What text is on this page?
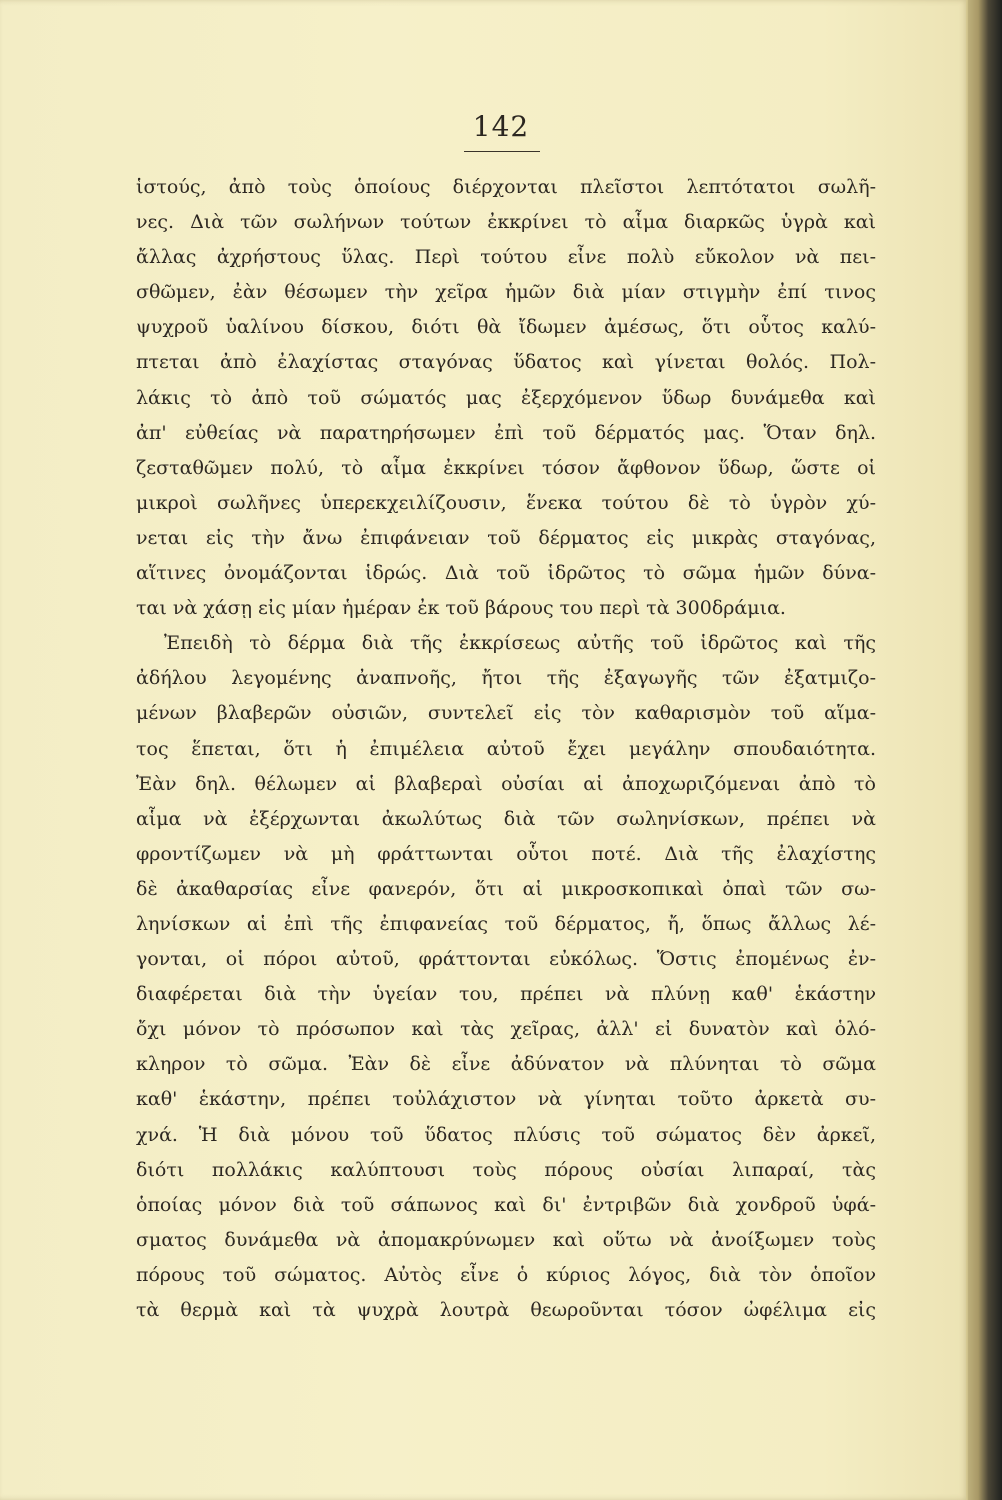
142
ἱστούς, ἀπὸ τοὺς ὁποίους διέρχονται πλεῖστοι λεπτότατοι σωλῆ-
νες. Διὰ τῶν σωλήνων τούτων ἐκκρίνει τὸ αἷμα διαρκῶς ὑγρὰ καὶ
ἄλλας ἀχρήστους ὕλας. Περὶ τούτου εἶνε πολὺ εὔκολον νὰ πει-
σθῶμεν, ἐὰν θέσωμεν τὴν χεῖρα ἡμῶν διὰ μίαν στιγμὴν ἐπί τινος
ψυχροῦ ὑαλίνου δίσκου, διότι θὰ ἴδωμεν ἀμέσως, ὅτι οὗτος καλύ-
πτεται ἀπὸ ἐλαχίστας σταγόνας ὕδατος καὶ γίνεται θολός. Πολ-
λάκις τὸ ἀπὸ τοῦ σώματός μας ἐξερχόμενον ὕδωρ δυνάμεθα καὶ
ἀπ' εὐθείας νὰ παρατηρήσωμεν ἐπὶ τοῦ δέρματός μας. Ὅταν δηλ.
ζεσταθῶμεν πολύ, τὸ αἷμα ἐκκρίνει τόσον ἄφθονον ὕδωρ, ὥστε οἱ
μικροὶ σωλῆνες ὑπερεκχειλίζουσιν, ἕνεκα τούτου δὲ τὸ ὑγρὸν χύ-
νεται εἰς τὴν ἄνω ἐπιφάνειαν τοῦ δέρματος εἰς μικρὰς σταγόνας,
αἵτινες ὀνομάζονται ἱδρώς. Διὰ τοῦ ἱδρῶτος τὸ σῶμα ἡμῶν δύνα-
ται νὰ χάσῃ εἰς μίαν ἡμέραν ἐκ τοῦ βάρους του περὶ τὰ 300δράμια.
Ἐπειδὴ τὸ δέρμα διὰ τῆς ἐκκρίσεως αὐτῆς τοῦ ἱδρῶτος καὶ τῆς
ἀδήλου λεγομένης ἀναπνοῆς, ἤτοι τῆς ἐξαγωγῆς τῶν ἐξατμιζο-
μένων βλαβερῶν οὐσιῶν, συντελεῖ εἰς τὸν καθαρισμὸν τοῦ αἵμα-
τος ἕπεται, ὅτι ἡ ἐπιμέλεια αὐτοῦ ἔχει μεγάλην σπουδαιότητα.
Ἐὰν δηλ. θέλωμεν αἱ βλαβεραὶ οὐσίαι αἱ ἀποχωριζόμεναι ἀπὸ τὸ
αἷμα νὰ ἐξέρχωνται ἀκωλύτως διὰ τῶν σωληνίσκων, πρέπει νὰ
φροντίζωμεν νὰ μὴ φράττωνται οὗτοι ποτέ. Διὰ τῆς ἐλαχίστης
δὲ ἀκαθαρσίας εἶνε φανερόν, ὅτι αἱ μικροσκοπικαὶ ὀπαὶ τῶν σω-
ληνίσκων αἱ ἐπὶ τῆς ἐπιφανείας τοῦ δέρματος, ἤ, ὅπως ἄλλως λέ-
γονται, οἱ πόροι αὐτοῦ, φράττονται εὐκόλως. Ὅστις ἐπομένως ἐν-
διαφέρεται διὰ τὴν ὑγείαν του, πρέπει νὰ πλύνῃ καθ' ἑκάστην
ὄχι μόνον τὸ πρόσωπον καὶ τὰς χεῖρας, ἀλλ' εἰ δυνατὸν καὶ ὁλό-
κληρον τὸ σῶμα. Ἐὰν δὲ εἶνε ἀδύνατον νὰ πλύνηται τὸ σῶμα
καθ' ἑκάστην, πρέπει τοὐλάχιστον νὰ γίνηται τοῦτο ἀρκετὰ συ-
χνά. Ἡ διὰ μόνου τοῦ ὕδατος πλύσις τοῦ σώματος δὲν ἀρκεῖ,
διότι πολλάκις καλύπτουσι τοὺς πόρους οὐσίαι λιπαραί, τὰς
ὁποίας μόνον διὰ τοῦ σάπωνος καὶ δι' ἐντριβῶν διὰ χονδροῦ ὑφά-
σματος δυνάμεθα νὰ ἀπομακρύνωμεν καὶ οὕτω νὰ ἀνοίξωμεν τοὺς
πόρους τοῦ σώματος. Αὐτὸς εἶνε ὁ κύριος λόγος, διὰ τὸν ὁποῖον
τὰ θερμὰ καὶ τὰ ψυχρὰ λουτρὰ θεωροῦνται τόσον ὠφέλιμα εἰς
